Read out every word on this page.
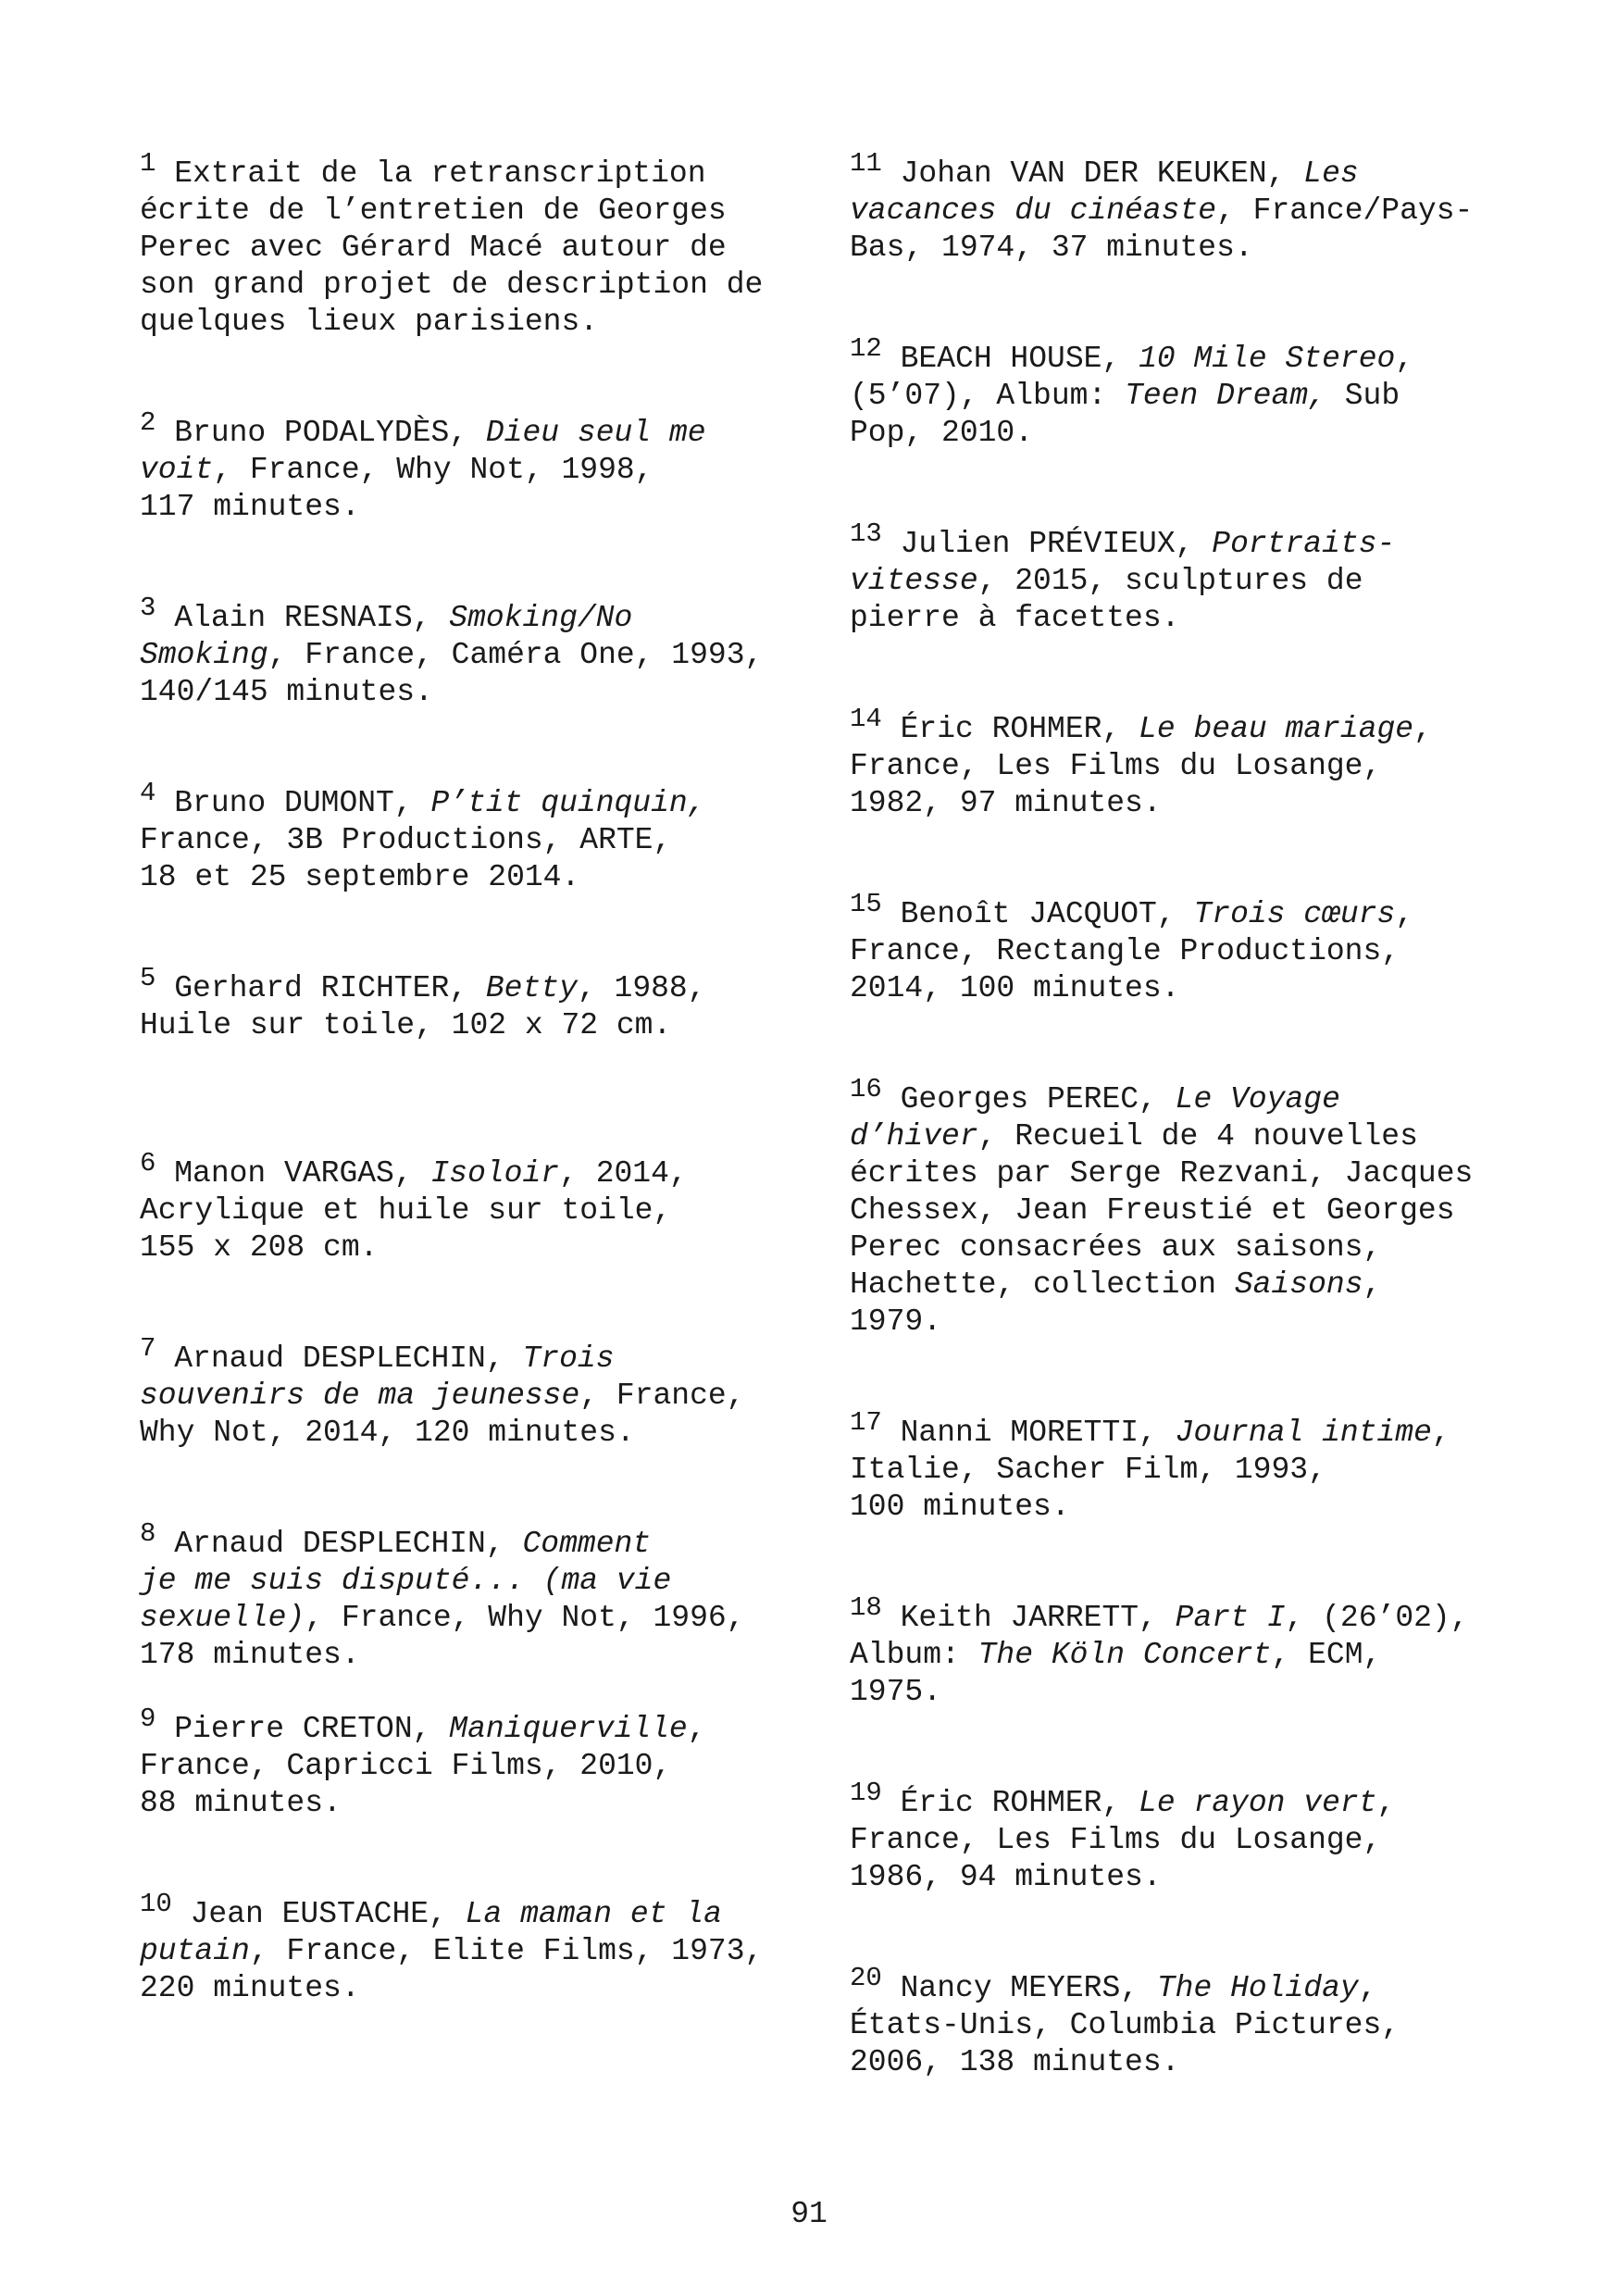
1 Extrait de la retranscription
écrite de l’entretien de Georges
Perec avec Gérard Macé autour de
son grand projet de description de
quelques lieux parisiens.

2 Bruno PODALYDÈS, Dieu seul me
voit, France, Why Not, 1998,
117 minutes.

3 Alain RESNAIS, Smoking/No
Smoking, France, Caméra One, 1993,
140/145 minutes.

4 Bruno DUMONT, P’tit quinquin,
France, 3B Productions, ARTE,
18 et 25 septembre 2014.

5 Gerhard RICHTER, Betty, 1988,
Huile sur toile, 102 x 72 cm.

6 Manon VARGAS, Isoloir, 2014,
Acrylique et huile sur toile,
155 x 208 cm.

7 Arnaud DESPLECHIN, Trois
souvenirs de ma jeunesse, France,
Why Not, 2014, 120 minutes.

8 Arnaud DESPLECHIN, Comment
je me suis disputé... (ma vie
sexuelle), France, Why Not, 1996,
178 minutes.

9 Pierre CRETON, Maniquerville,
France, Capricci Films, 2010,
88 minutes.

10 Jean EUSTACHE, La maman et la
putain, France, Elite Films, 1973,
220 minutes.

11 Johan VAN DER KEUKEN, Les
vacances du cinéaste, France/Pays-
Bas, 1974, 37 minutes.

12 BEACH HOUSE, 10 Mile Stereo,
(5’07), Album: Teen Dream, Sub
Pop, 2010.

13 Julien PRÉVIEUX, Portraits-
vitesse, 2015, sculptures de
pierre à facettes.

14 Éric ROHMER, Le beau mariage,
France, Les Films du Losange,
1982, 97 minutes.

15 Benoît JACQUOT, Trois cœurs,
France, Rectangle Productions,
2014, 100 minutes.

16 Georges PEREC, Le Voyage
d’hiver, Recueil de 4 nouvelles
écrites par Serge Rezvani, Jacques
Chessex, Jean Freustié et Georges
Perec consacrées aux saisons,
Hachette, collection Saisons,
1979.

17 Nanni MORETTI, Journal intime,
Italie, Sacher Film, 1993,
100 minutes.

18 Keith JARRETT, Part I, (26’02),
Album: The Köln Concert, ECM,
1975.

19 Éric ROHMER, Le rayon vert,
France, Les Films du Losange,
1986, 94 minutes.

20 Nancy MEYERS, The Holiday,
États-Unis, Columbia Pictures,
2006, 138 minutes.

91
